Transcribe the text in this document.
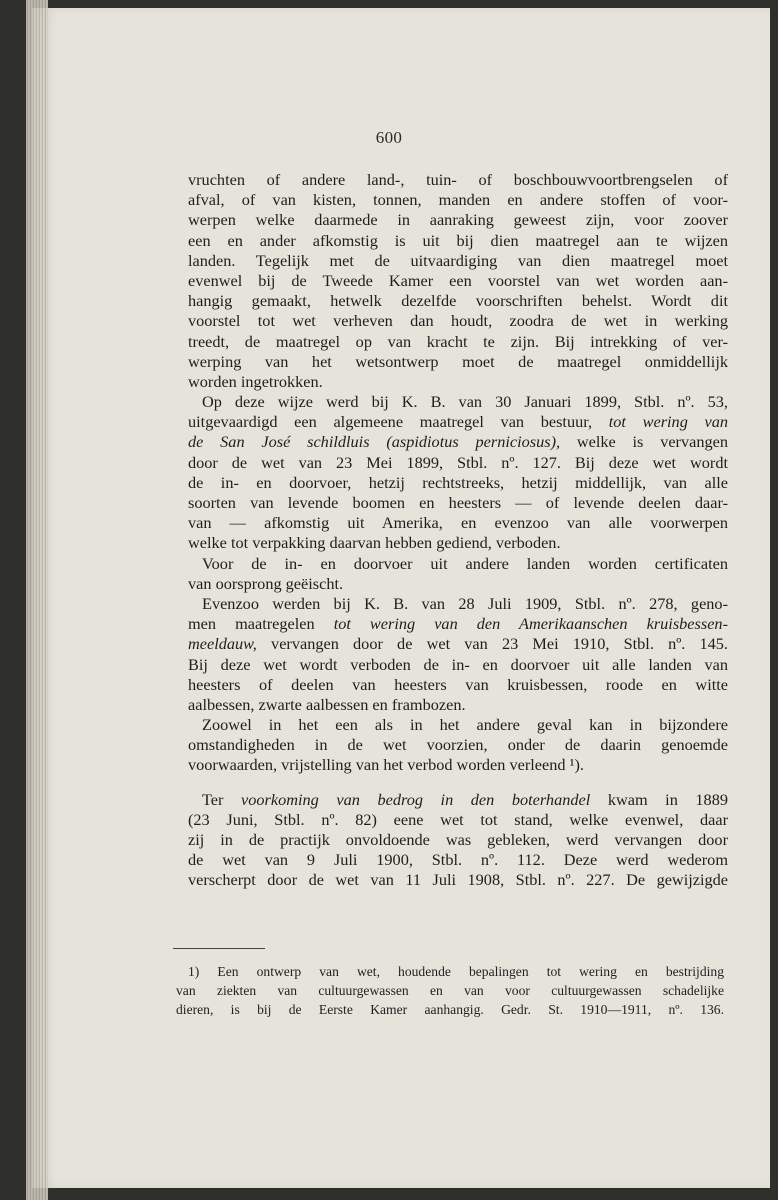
600
vruchten of andere land-, tuin- of boschbouwvoortbrengselen of
afval, of van kisten, tonnen, manden en andere stoffen of voor-
werpen welke daarmede in aanraking geweest zijn, voor zoover
een en ander afkomstig is uit bij dien maatregel aan te wijzen
landen. Tegelijk met de uitvaardiging van dien maatregel moet
evenwel bij de Tweede Kamer een voorstel van wet worden aan-
hangig gemaakt, hetwelk dezelfde voorschriften behelst. Wordt dit
voorstel tot wet verheven dan houdt, zoodra de wet in werking
treedt, de maatregel op van kracht te zijn. Bij intrekking of ver-
werping van het wetsontwerp moet de maatregel onmiddellijk
worden ingetrokken.
Op deze wijze werd bij K. B. van 30 Januari 1899, Stbl. nº. 53,
uitgevaardigd een algemeene maatregel van bestuur, tot wering van
de San José schildluis (aspidiotus perniciosus), welke is vervangen
door de wet van 23 Mei 1899, Stbl. nº. 127. Bij deze wet wordt
de in- en doorvoer, hetzij rechtstreeks, hetzij middellijk, van alle
soorten van levende boomen en heesters — of levende deelen daar-
van — afkomstig uit Amerika, en evenzoo van alle voorwerpen
welke tot verpakking daarvan hebben gediend, verboden.
Voor de in- en doorvoer uit andere landen worden certificaten
van oorsprong geëischt.
Evenzoo werden bij K. B. van 28 Juli 1909, Stbl. nº. 278, geno-
men maatregelen tot wering van den Amerikaanschen kruisbessen-
meeldauw, vervangen door de wet van 23 Mei 1910, Stbl. nº. 145.
Bij deze wet wordt verboden de in- en doorvoer uit alle landen van
heesters of deelen van heesters van kruisbessen, roode en witte
aalbessen, zwarte aalbessen en frambozen.
Zoowel in het een als in het andere geval kan in bijzondere
omstandigheden in de wet voorzien, onder de daarin genoemde
voorwaarden, vrijstelling van het verbod worden verleend ¹).
Ter voorkoming van bedrog in den boterhandel kwam in 1889
(23 Juni, Stbl. nº. 82) eene wet tot stand, welke evenwel, daar
zij in de practijk onvoldoende was gebleken, werd vervangen door
de wet van 9 Juli 1900, Stbl. nº. 112. Deze werd wederom
verscherpt door de wet van 11 Juli 1908, Stbl. nº. 227. De gewijzigde
1) Een ontwerp van wet, houdende bepalingen tot wering en bestrijding
van ziekten van cultuurgewassen en van voor cultuurgewassen schadelijke
dieren, is bij de Eerste Kamer aanhangig. Gedr. St. 1910—1911, nº. 136.
